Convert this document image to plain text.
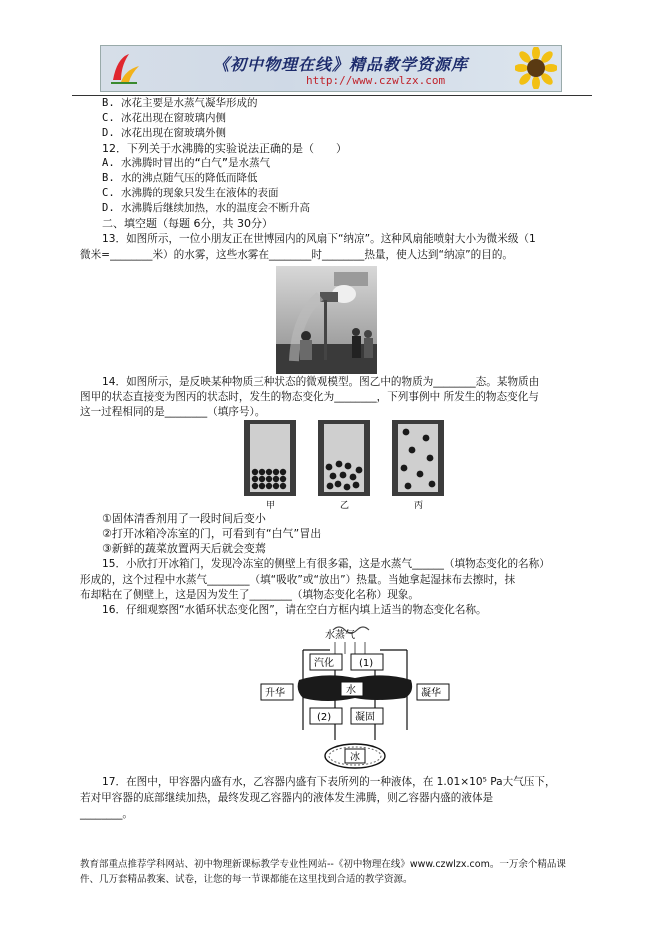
《初中物理在线》精品教学资源库
http://www.czwlzx.com
B. 冰花主要是水蒸气凝华形成的
C. 冰花出现在窗玻璃内侧
D. 冰花出现在窗玻璃外侧
12．下列关于水沸腾的实验说法正确的是（　　）
A. 水沸腾时冒出的“白气”是水蒸气
B. 水的沸点随气压的降低而降低
C. 水沸腾的现象只发生在液体的表面
D. 水沸腾后继续加热，水的温度会不断升高
二、填空题（每题 6分，共 30分）
13．如图所示，一位小朋友正在世博园内的风扇下“纳凉”。这种风扇能喷射大小为微米级（1
微米=________米）的水雾，这些水雾在________时________热量，使人达到“纳凉”的目的。
14．如图所示，是反映某种物质三种状态的微观模型。图乙中的物质为________态。某物质由
图甲的状态直接变为图丙的状态时，发生的物态变化为________，下列事例中 所发生的物态变化与
这一过程相同的是________（填序号）。
甲	乙	丙
①固体清香剂用了一段时间后变小
②打开冰箱冷冻室的门，可看到有“白气”冒出
③新鲜的蔬菜放置两天后就会变蔫
15．小欣打开冰箱门，发现冷冻室的侧壁上有很多霜，这是水蒸气______（填物态变化的名称）
形成的，这个过程中水蒸气________（填“吸收”或“放出”）热量。当她拿起湿抹布去擦时，抹
布却粘在了侧壁上，这是因为发生了________（填物态变化名称）现象。
16．仔细观察图“水循环状态变化图”，请在空白方框内填上适当的物态变化名称。
水蒸气
汽化	(1)
水
升华	凝华
(2) 凝固
冰
17．在图中，甲容器内盛有水，乙容器内盛有下表所列的一种液体，在 1.01×10⁵ Pa大气压下，
若对甲容器的底部继续加热，最终发现乙容器内的液体发生沸腾，则乙容器内盛的液体是
________。
教育部重点推荐学科网站、初中物理新课标教学专业性网站--《初中物理在线》www.czwlzx.com。一万余个精品课
件、几万套精品教案、试卷，让您的每一节课都能在这里找到合适的教学资源。
